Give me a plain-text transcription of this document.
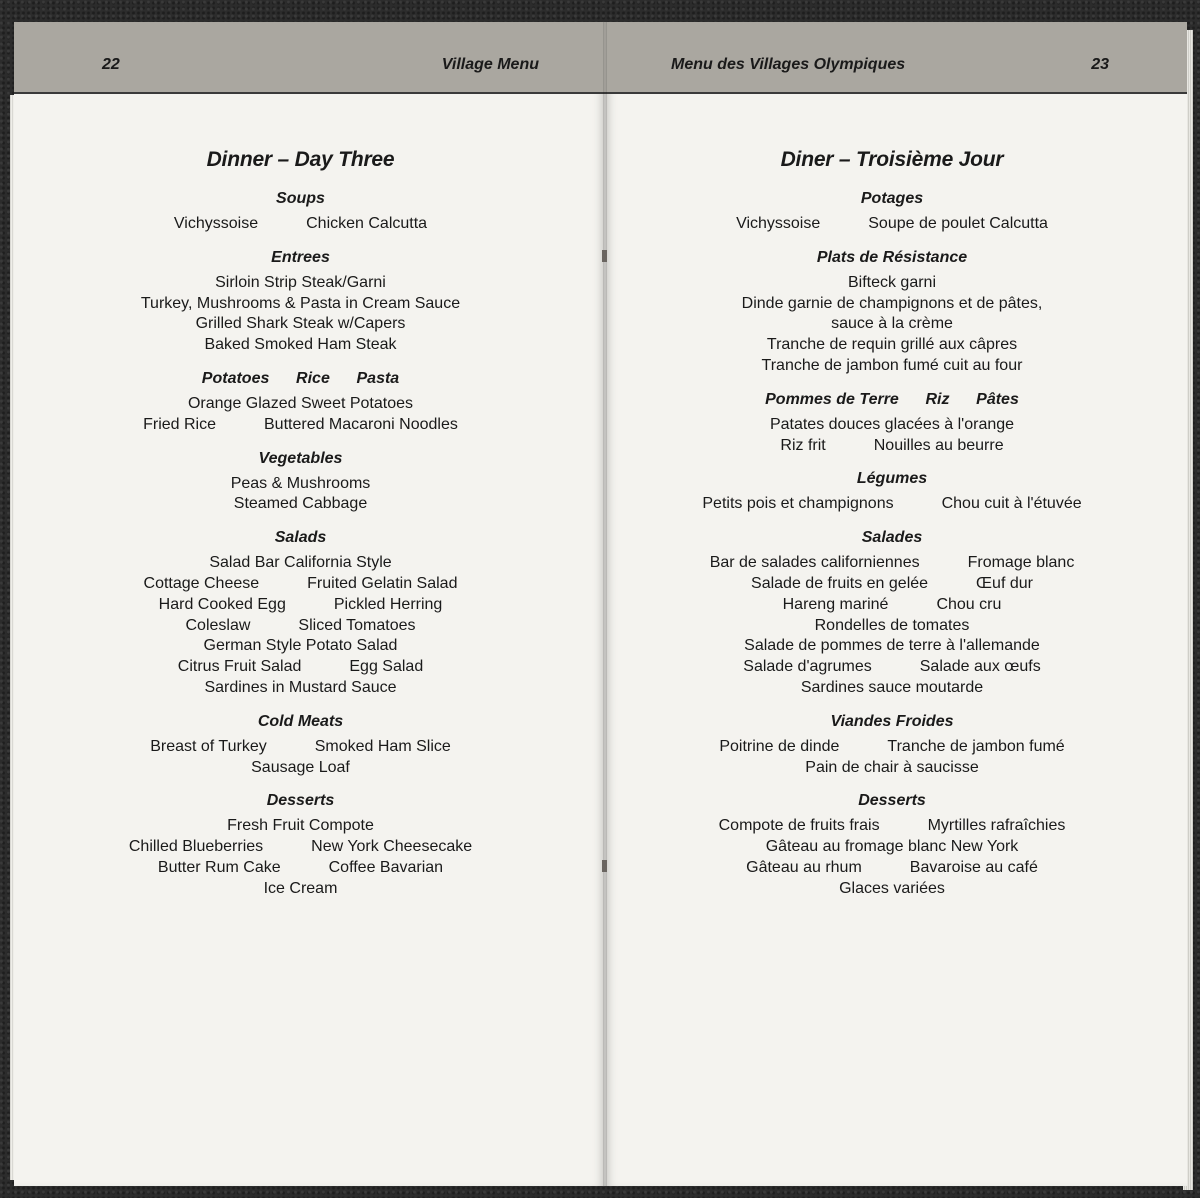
22	Village Menu
Dinner – Day Three
Soups
Vichyssoise	Chicken Calcutta
Entrees
Sirloin Strip Steak/Garni
Turkey, Mushrooms & Pasta in Cream Sauce
Grilled Shark Steak w/Capers
Baked Smoked Ham Steak
Potatoes      Rice      Pasta
Orange Glazed Sweet Potatoes
Fried Rice	Buttered Macaroni Noodles
Vegetables
Peas & Mushrooms
Steamed Cabbage
Salads
Salad Bar California Style
Cottage Cheese	Fruited Gelatin Salad
Hard Cooked Egg	Pickled Herring
Coleslaw	Sliced Tomatoes
German Style Potato Salad
Citrus Fruit Salad	Egg Salad
Sardines in Mustard Sauce
Cold Meats
Breast of Turkey	Smoked Ham Slice
Sausage Loaf
Desserts
Fresh Fruit Compote
Chilled Blueberries	New York Cheesecake
Butter Rum Cake	Coffee Bavarian
Ice Cream
Menu des Villages Olympiques	23
Diner – Troisième Jour
Potages
Vichyssoise	Soupe de poulet Calcutta
Plats de Résistance
Bifteck garni
Dinde garnie de champignons et de pâtes,
sauce à la crème
Tranche de requin grillé aux câpres
Tranche de jambon fumé cuit au four
Pommes de Terre      Riz      Pâtes
Patates douces glacées à l'orange
Riz frit	Nouilles au beurre
Légumes
Petits pois et champignons	Chou cuit à l'étuvée
Salades
Bar de salades californiennes	Fromage blanc
Salade de fruits en gelée	Œuf dur
Hareng mariné	Chou cru
Rondelles de tomates
Salade de pommes de terre à l'allemande
Salade d'agrumes	Salade aux œufs
Sardines sauce moutarde
Viandes Froides
Poitrine de dinde	Tranche de jambon fumé
Pain de chair à saucisse
Desserts
Compote de fruits frais	Myrtilles rafraîchies
Gâteau au fromage blanc New York
Gâteau au rhum	Bavaroise au café
Glaces variées
